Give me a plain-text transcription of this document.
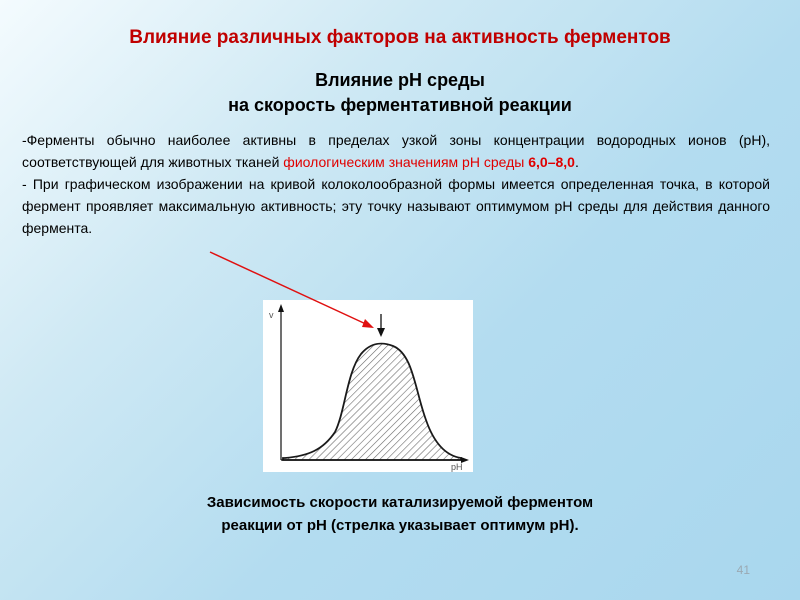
Влияние различных факторов на активность ферментов
Влияние pH среды
на скорость ферментативной реакции

-Ферменты обычно наиболее активны в пределах узкой зоны концентрации водородных ионов (pH), соответствующей для животных тканей фиологическим значениям pH среды 6,0–8,0.

- При графическом изображении на кривой колоколообразной формы имеется определенная точка, в которой фермент проявляет максимальную активность; эту точку называют оптимумом pH среды для действия данного фермента.

v
pH
Зависимость скорости катализируемой ферментом
реакции от pH (стрелка указывает оптимум pH).
41
